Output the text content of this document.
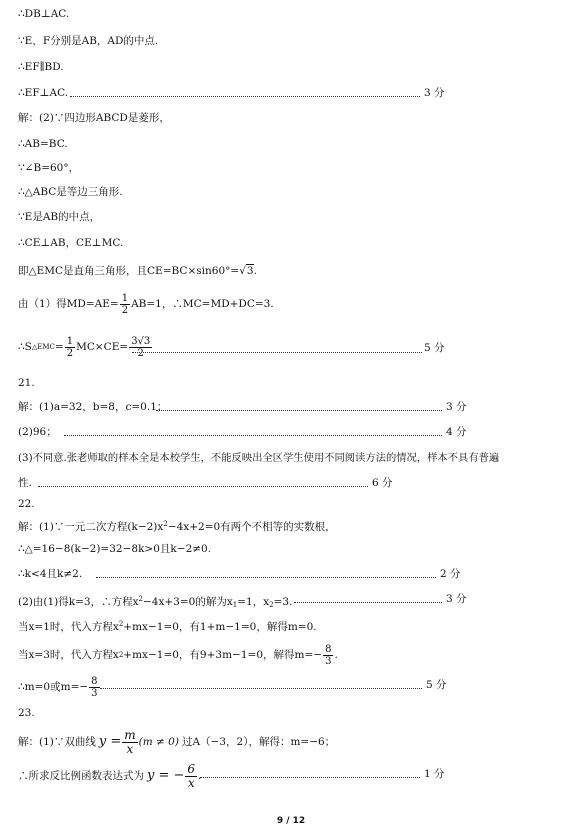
∴DB⊥AC.
∵E，F分别是AB，AD的中点.
∴EF∥BD.
∴EF⊥AC.	3 分
解：(2)∵四边形ABCD是菱形，
∴AB=BC.
∵∠B=60°，
∴△ABC是等边三角形.
∵E是AB的中点，
∴CE⊥AB，CE⊥MC.
即△EMC是直角三角形，且CE=BC×sin60°=√3.
由（1）得$MD=AE= \frac{1}{2} AB=1$，∴MC=MD+DC=3.
∴S △EMC = $\frac{1}{2} MC\times CE= \frac{3√3}{2}$	5 分
21.
解：(1)a=32，b=8，c=0.1；	3 分
(2)96；	4 分
(3)不同意.张老师取的样本全是本校学生，不能反映出全区学生使用不同阅读方法的情况，样本不具有普遍
性.	6 分
22.
解：(1)∵一元二次方程$(k-2)x^2-4x+2=0$有两个不相等的实数根，
∴△=16−8(k−2)=32−8k>0且k−2≠0.
∴k<4且k≠2.	2 分
(2)由(1)得k=3，∴方程$x^2-4x+3=0$的解为$x_1=1$，$x_2=3$.	3 分
当x=1时，代入方程$x^2+mx-1=0$，有1+m−1=0，解得m=0.
当x=3时，代入方程x 2 +mx−1=0，有9+3m−1=0，解得$m=- \frac{8}{3}$ .
∴m=0或$m=- \frac{8}{3}$	5 分
23.
解：(1)∵双曲线 $y = \frac{m}{x} (m \ne 0)$ 过A（−3，2），解得：m=−6；
∴所求反比例函数表达式为 y = − $\frac{6}{x}$ .	1 分
9 / 12
